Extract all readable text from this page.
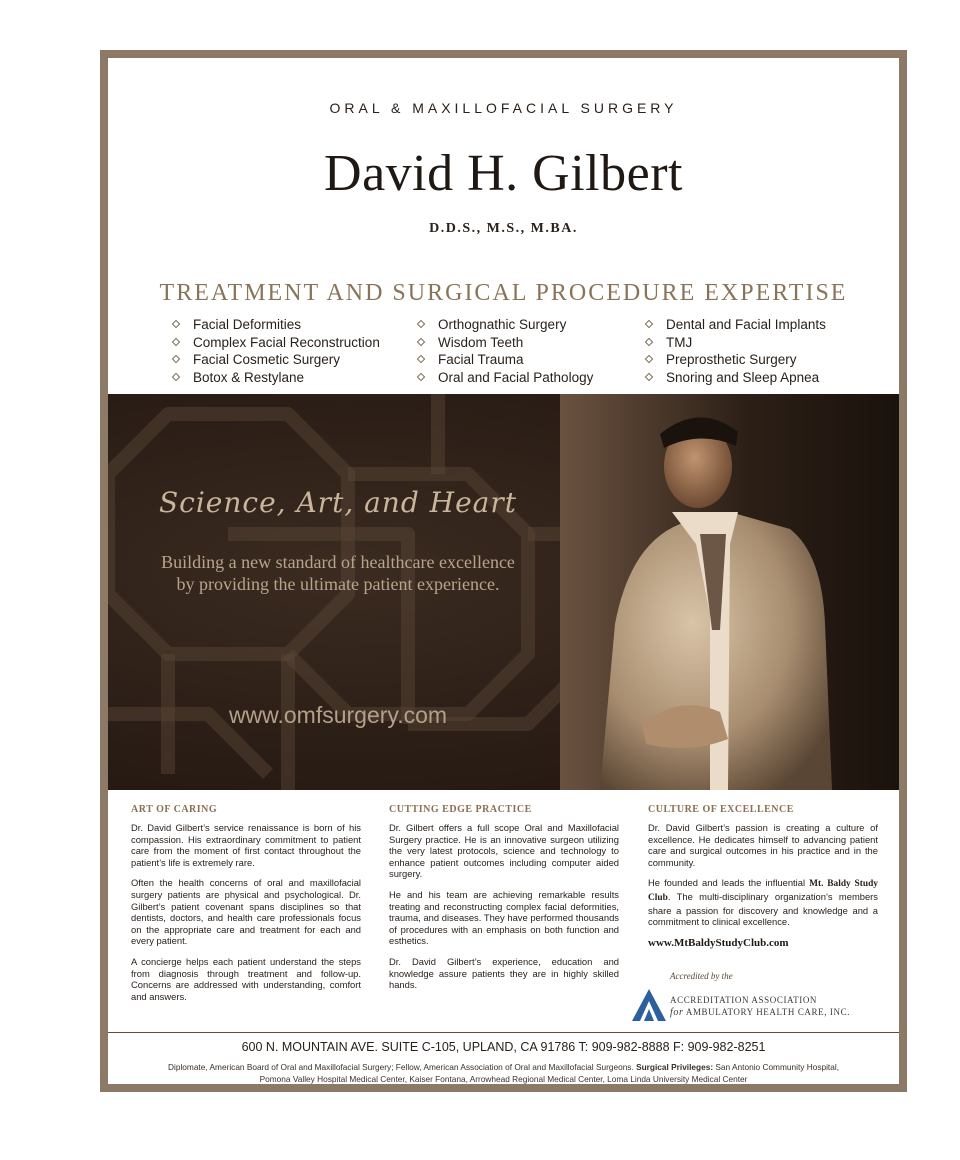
ORAL & MAXILLOFACIAL SURGERY
David H. Gilbert
D.D.S., M.S., M.BA.
TREATMENT AND SURGICAL PROCEDURE EXPERTISE
Facial Deformities
Complex Facial Reconstruction
Facial Cosmetic Surgery
Botox & Restylane
Orthognathic Surgery
Wisdom Teeth
Facial Trauma
Oral and Facial Pathology
Dental and Facial Implants
TMJ
Preprosthetic Surgery
Snoring and Sleep Apnea
Science, Art, and Heart
Building a new standard of healthcare excellence
by providing the ultimate patient experience.
www.omfsurgery.com
ART OF CARING

Dr. David Gilbert’s service renaissance is born of his compassion. His extraordinary commitment to patient care from the moment of first contact throughout the patient’s life is extremely rare.

Often the health concerns of oral and maxillofacial surgery patients are physical and psychological. Dr. Gilbert’s patient covenant spans disciplines so that dentists, doctors, and health care professionals focus on the appropriate care and treatment for each and every patient.

A concierge helps each patient understand the steps from diagnosis through treatment and follow-up. Concerns are addressed with understanding, comfort and answers.

CUTTING EDGE PRACTICE

Dr. Gilbert offers a full scope Oral and Maxillofacial Surgery practice. He is an innovative surgeon utilizing the very latest protocols, science and technology to enhance patient outcomes including computer aided surgery.

He and his team are achieving remarkable results treating and reconstructing complex facial deformities, trauma, and diseases. They have performed thousands of procedures with an emphasis on both function and esthetics.

Dr. David Gilbert’s experience, education and knowledge assure patients they are in highly skilled hands.

CULTURE OF EXCELLENCE

Dr. David Gilbert’s passion is creating a culture of excellence. He dedicates himself to advancing patient care and surgical outcomes in his practice and in the community.

He founded and leads the influential Mt. Baldy Study Club. The multi-disciplinary organization’s members share a passion for discovery and knowledge and a commitment to clinical excellence.

www.MtBaldyStudyClub.com
Accredited by the
ACCREDITATION ASSOCIATION
for AMBULATORY HEALTH CARE, INC.
600 N. MOUNTAIN AVE. SUITE C-105, UPLAND, CA 91786 T: 909-982-8888 F: 909-982-8251
Diplomate, American Board of Oral and Maxillofacial Surgery; Fellow, American Association of Oral and Maxillofacial Surgeons. Surgical Privileges: San Antonio Community Hospital,
Pomona Valley Hospital Medical Center, Kaiser Fontana, Arrowhead Regional Medical Center, Loma Linda University Medical Center
